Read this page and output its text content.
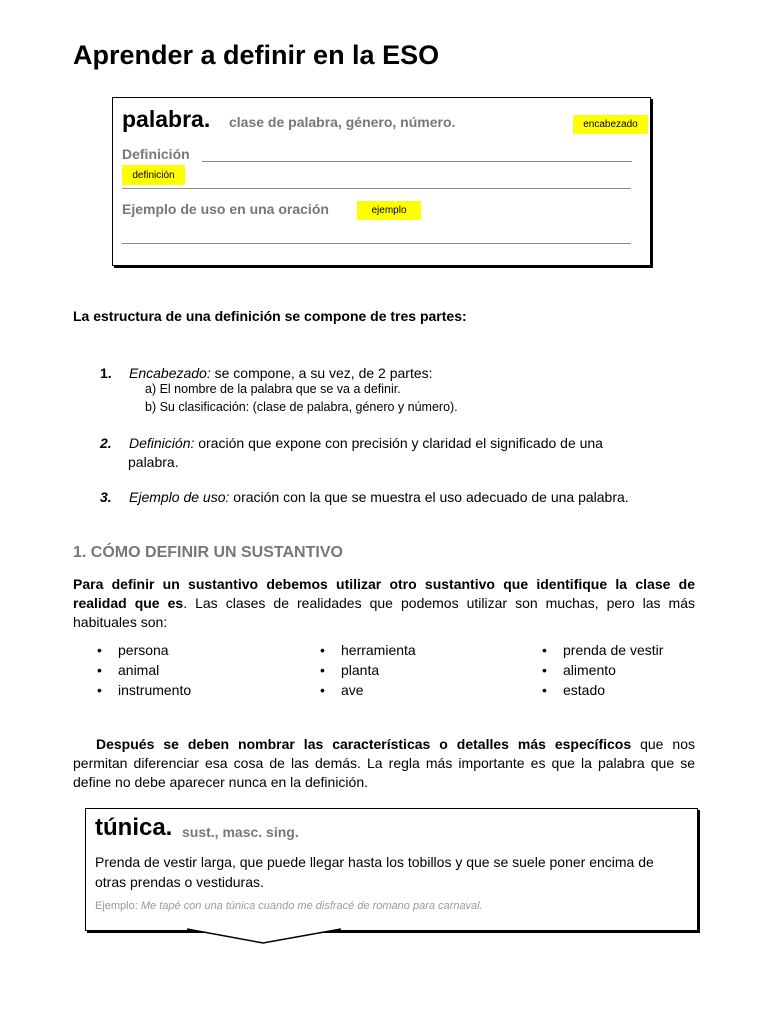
Aprender a definir en la ESO
palabra. clase de palabra, género, número.	encabezado
Definición
definición
Ejemplo de uso en una oración	ejemplo
La estructura de una definición se compone de tres partes:
1. Encabezado: se compone, a su vez, de 2 partes:
a) El nombre de la palabra que se va a definir.
b) Su clasificación: (clase de palabra, género y número).
2. Definición: oración que expone con precisión y claridad el significado de una
palabra.
3. Ejemplo de uso: oración con la que se muestra el uso adecuado de una palabra.
1. CÓMO DEFINIR UN SUSTANTIVO
Para definir un sustantivo debemos utilizar otro sustantivo que identifique la clase de realidad que es. Las clases de realidades que podemos utilizar son muchas, pero las más habituales son:
• persona
• animal
• instrumento
• herramienta
• planta
• ave
• prenda de vestir
• alimento
• estado
Después se deben nombrar las características o detalles más específicos que nos permitan diferenciar esa cosa de las demás. La regla más importante es que la palabra que se define no debe aparecer nunca en la definición.
túnica. sust., masc. sing.
Prenda de vestir larga, que puede llegar hasta los tobillos y que se suele poner encima de otras prendas o vestiduras.
Ejemplo: Me tapé con una túnica cuando me disfracé de romano para carnaval.
